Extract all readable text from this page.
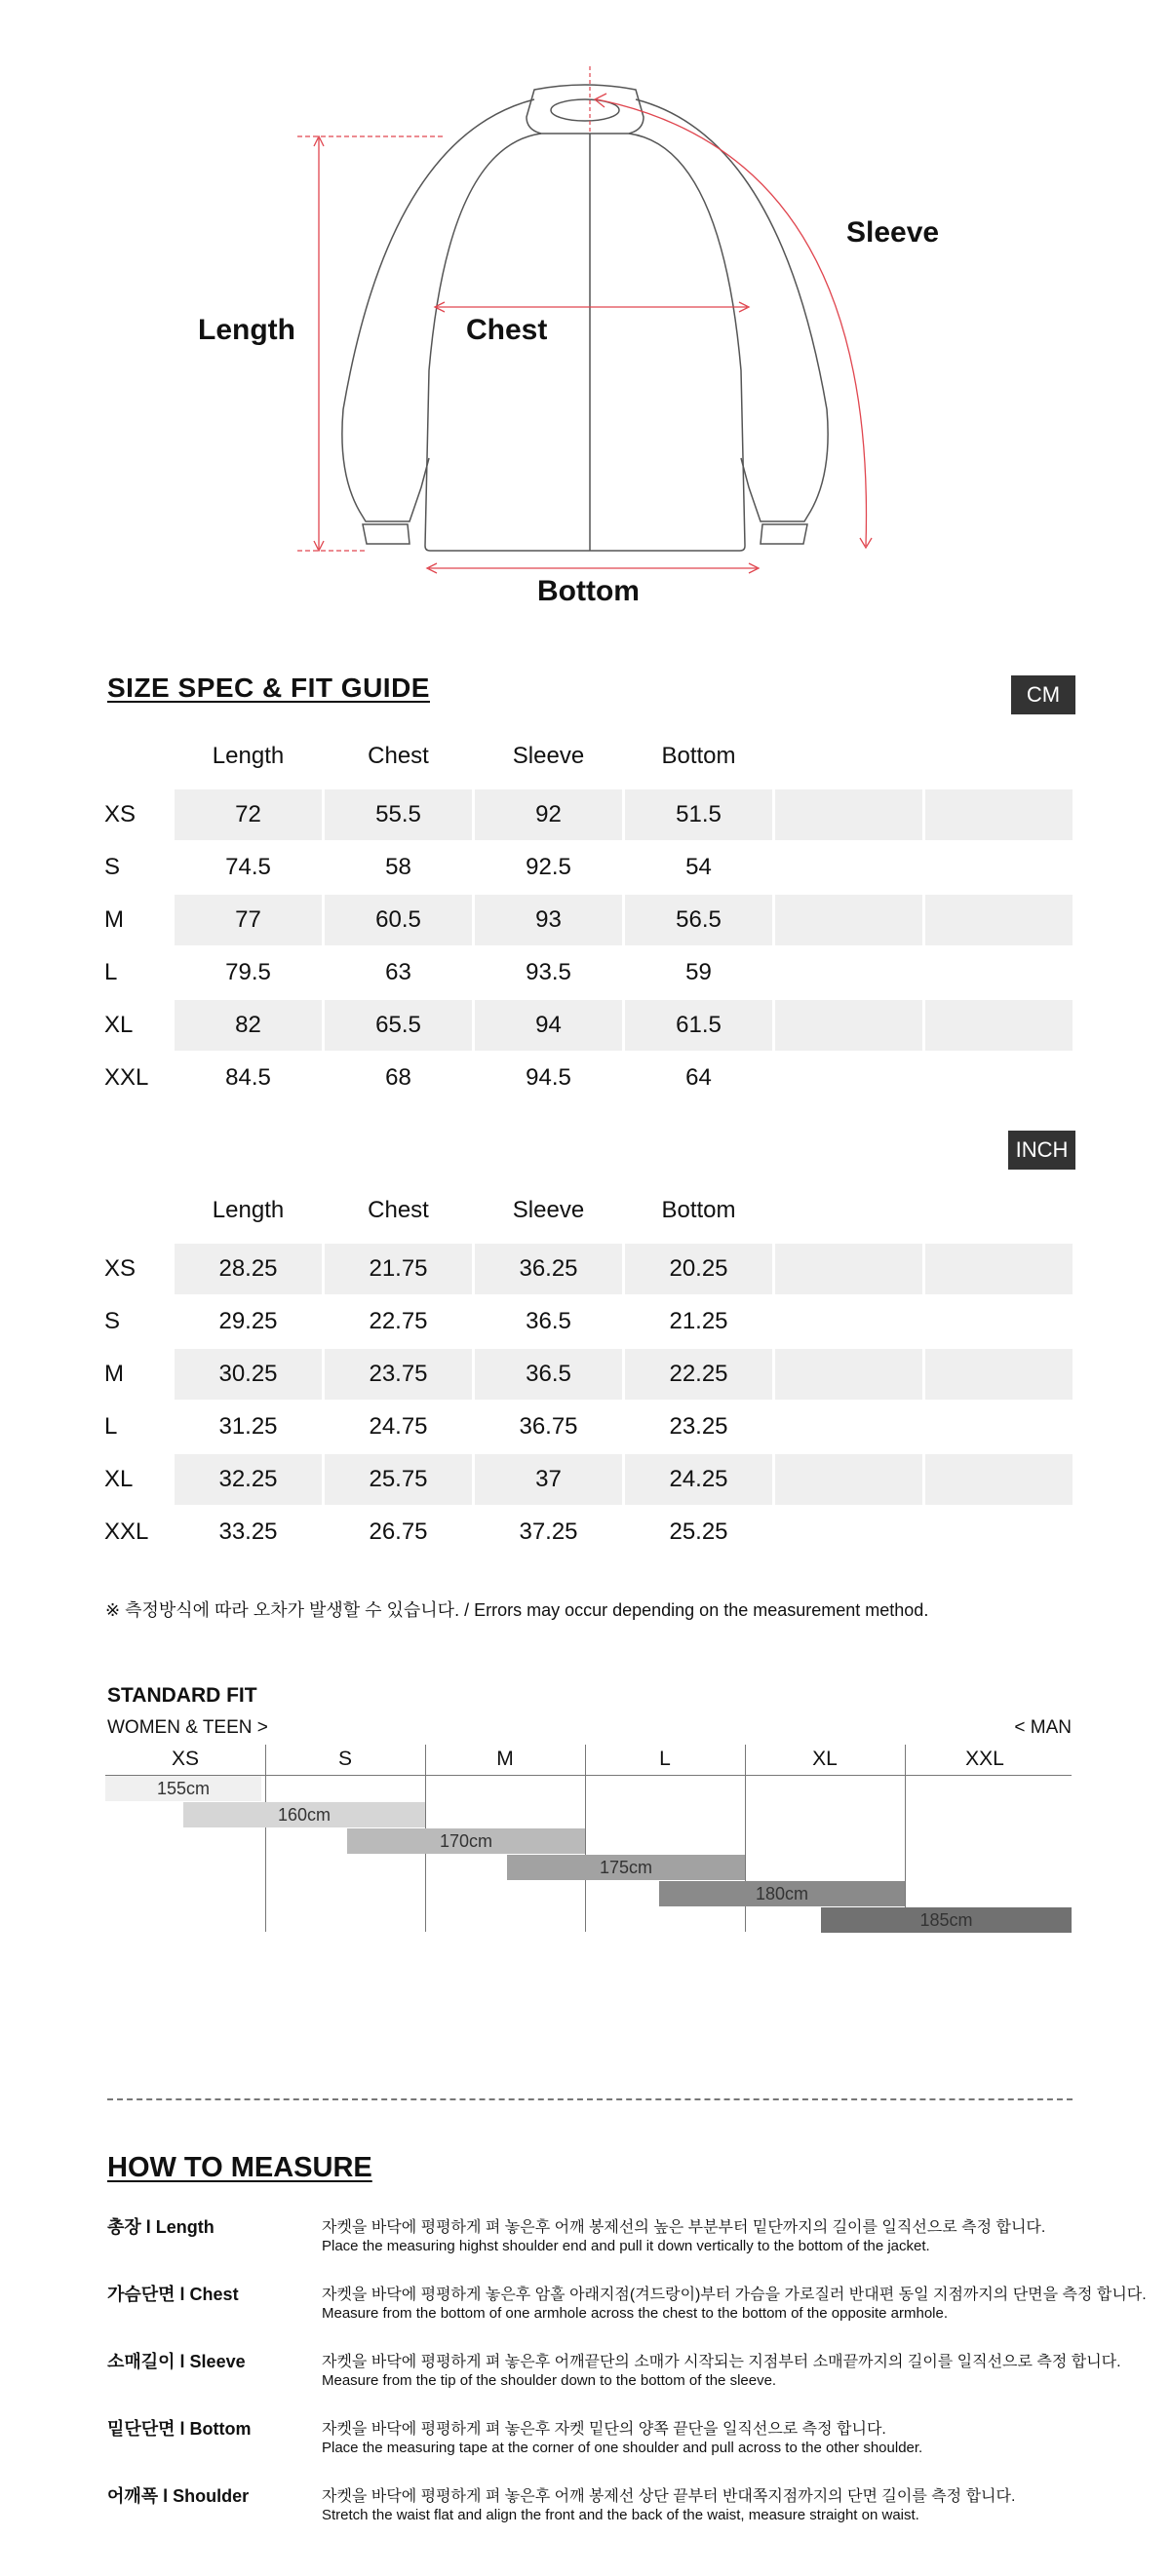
Length	Chest
Sleeve
Bottom
SIZE SPEC & FIT GUIDE	CM
Length	Chest	Sleeve	Bottom
XS	72	55.5	92	51.5
S	74.5	58	92.5	54
M	77	60.5	93	56.5
L	79.5	63	93.5	59
XL	82	65.5	94	61.5
XXL	84.5	68	94.5	64
INCH
Length	Chest	Sleeve	Bottom
XS	28.25	21.75	36.25	20.25
S	29.25	22.75	36.5	21.25
M	30.25	23.75	36.5	22.25
L	31.25	24.75	36.75	23.25
XL	32.25	25.75	37	24.25
XXL	33.25	26.75	37.25	25.25
※ 측정방식에 따라 오차가 발생할 수 있습니다. / Errors may occur depending on the measurement method.
STANDARD FIT
WOMEN & TEEN >	< MAN
XS	S	M	L	XL	XXL
155cm
160cm
170cm
175cm
180cm
185cm
HOW TO MEASURE
총장 l Length	자켓을 바닥에 평평하게 펴 놓은후 어깨 봉제선의 높은 부분부터 밑단까지의 길이를 일직선으로 측정 합니다.
Place the measuring highst shoulder end and pull it down vertically to the bottom of the jacket.
가슴단면 l Chest	자켓을 바닥에 평평하게 놓은후 암홀 아래지점(겨드랑이)부터 가슴을 가로질러 반대편 동일 지점까지의 단면을 측정 합니다.
Measure from the bottom of one armhole across the chest to the bottom of the opposite armhole.
소매길이 l Sleeve	자켓을 바닥에 평평하게 펴 놓은후 어깨끝단의 소매가 시작되는 지점부터 소매끝까지의 길이를 일직선으로 측정 합니다.
Measure from the tip of the shoulder down to the bottom of the sleeve.
밑단단면 l Bottom	자켓을 바닥에 평평하게 펴 놓은후 자켓 밑단의 양쪽 끝단을 일직선으로 측정 합니다.
Place the measuring tape at the corner of one shoulder and pull across to the other shoulder.
어깨폭 l Shoulder	자켓을 바닥에 평평하게 펴 놓은후 어깨 봉제선 상단 끝부터 반대쪽지점까지의 단면 길이를 측정 합니다.
Stretch the waist flat and align the front and the back of the waist, measure straight on waist.
